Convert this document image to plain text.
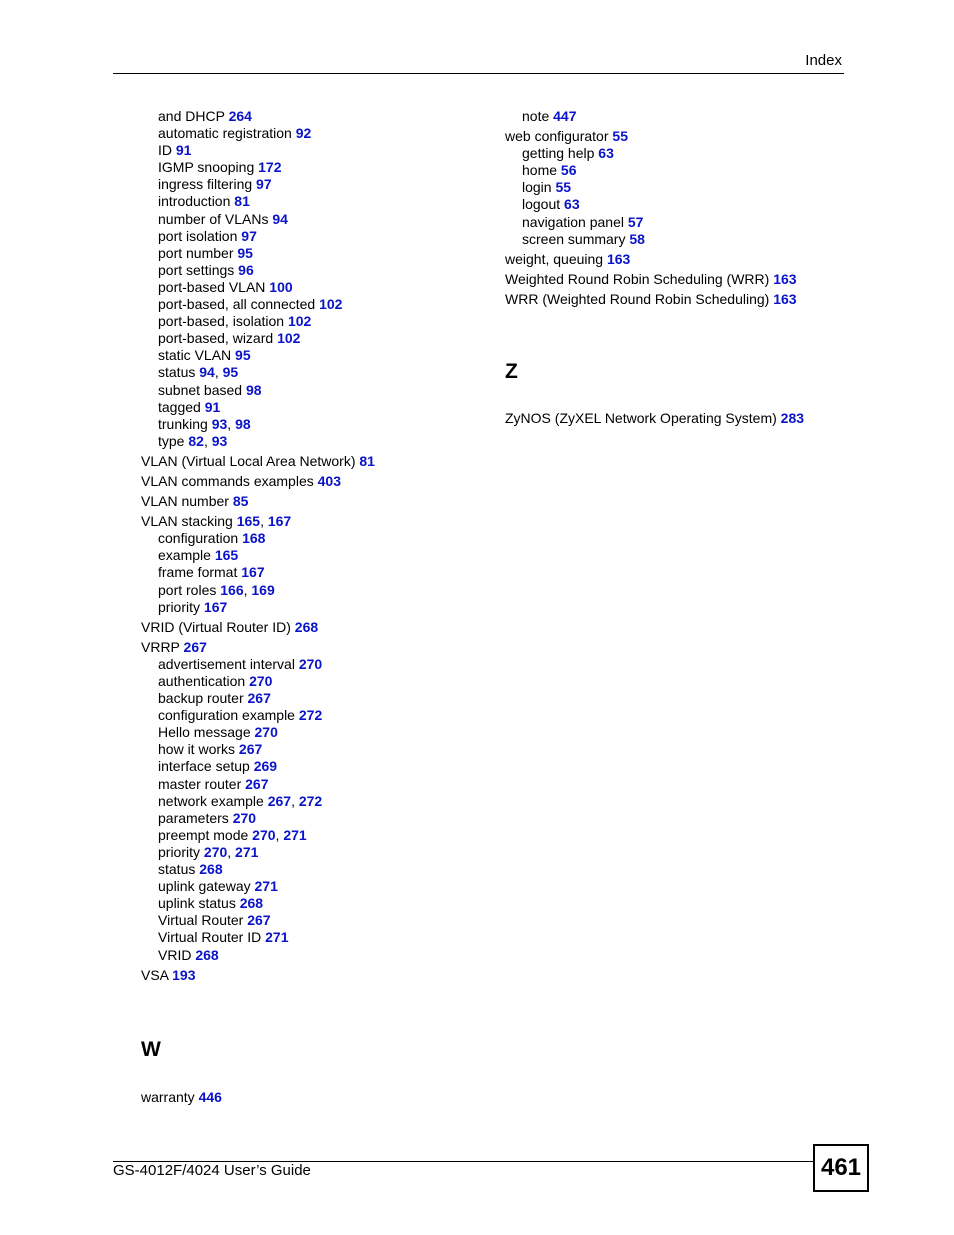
Index
and DHCP 264
automatic registration 92
ID 91
IGMP snooping 172
ingress filtering 97
introduction 81
number of VLANs 94
port isolation 97
port number 95
port settings 96
port-based VLAN 100
port-based, all connected 102
port-based, isolation 102
port-based, wizard 102
static VLAN 95
status 94, 95
subnet based 98
tagged 91
trunking 93, 98
type 82, 93
VLAN (Virtual Local Area Network) 81
VLAN commands examples 403
VLAN number 85
VLAN stacking 165, 167
configuration 168
example 165
frame format 167
port roles 166, 169
priority 167
VRID (Virtual Router ID) 268
VRRP 267
advertisement interval 270
authentication 270
backup router 267
configuration example 272
Hello message 270
how it works 267
interface setup 269
master router 267
network example 267, 272
parameters 270
preempt mode 270, 271
priority 270, 271
status 268
uplink gateway 271
uplink status 268
Virtual Router 267
Virtual Router ID 271
VRID 268
VSA 193
W
warranty 446
note 447
web configurator 55
getting help 63
home 56
login 55
logout 63
navigation panel 57
screen summary 58
weight, queuing 163
Weighted Round Robin Scheduling (WRR) 163
WRR (Weighted Round Robin Scheduling) 163
Z
ZyNOS (ZyXEL Network Operating System) 283
GS-4012F/4024 User’s Guide	461
